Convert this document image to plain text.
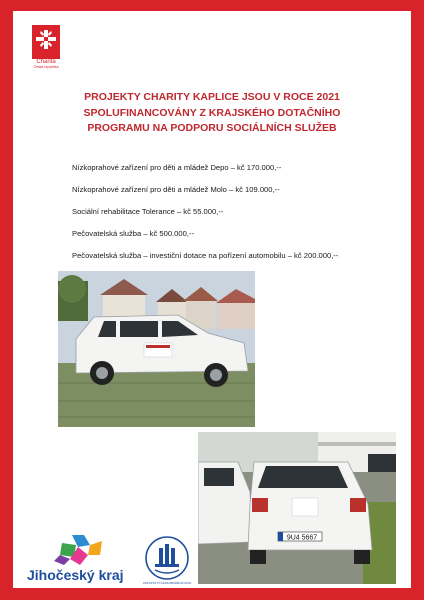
Charita
Česká republika
PROJEKTY CHARITY KAPLICE JSOU V ROCE 2021
SPOLUFINANCOVÁNY Z KRAJSKÉHO DOTAČNÍHO
PROGRAMU NA PODPORU SOCIÁLNÍCH SLUŽEB
Nízkoprahové zařízení pro děti a mládež Depo – kč 170.000,--
Nízkoprahové zařízení pro děti a mládež Molo – kč 109.000,--
Sociální rehabilitace Tolerance – kč 55.000,--
Pečovatelská služba – kč 500.000,--
Pečovatelská služba – investiční dotace na pořízení automobilu – kč 200.000,--
9U4 5667
Jihočeský kraj	BISKUPSTVÍ ČESKOBUDĚJOVICKÉ
